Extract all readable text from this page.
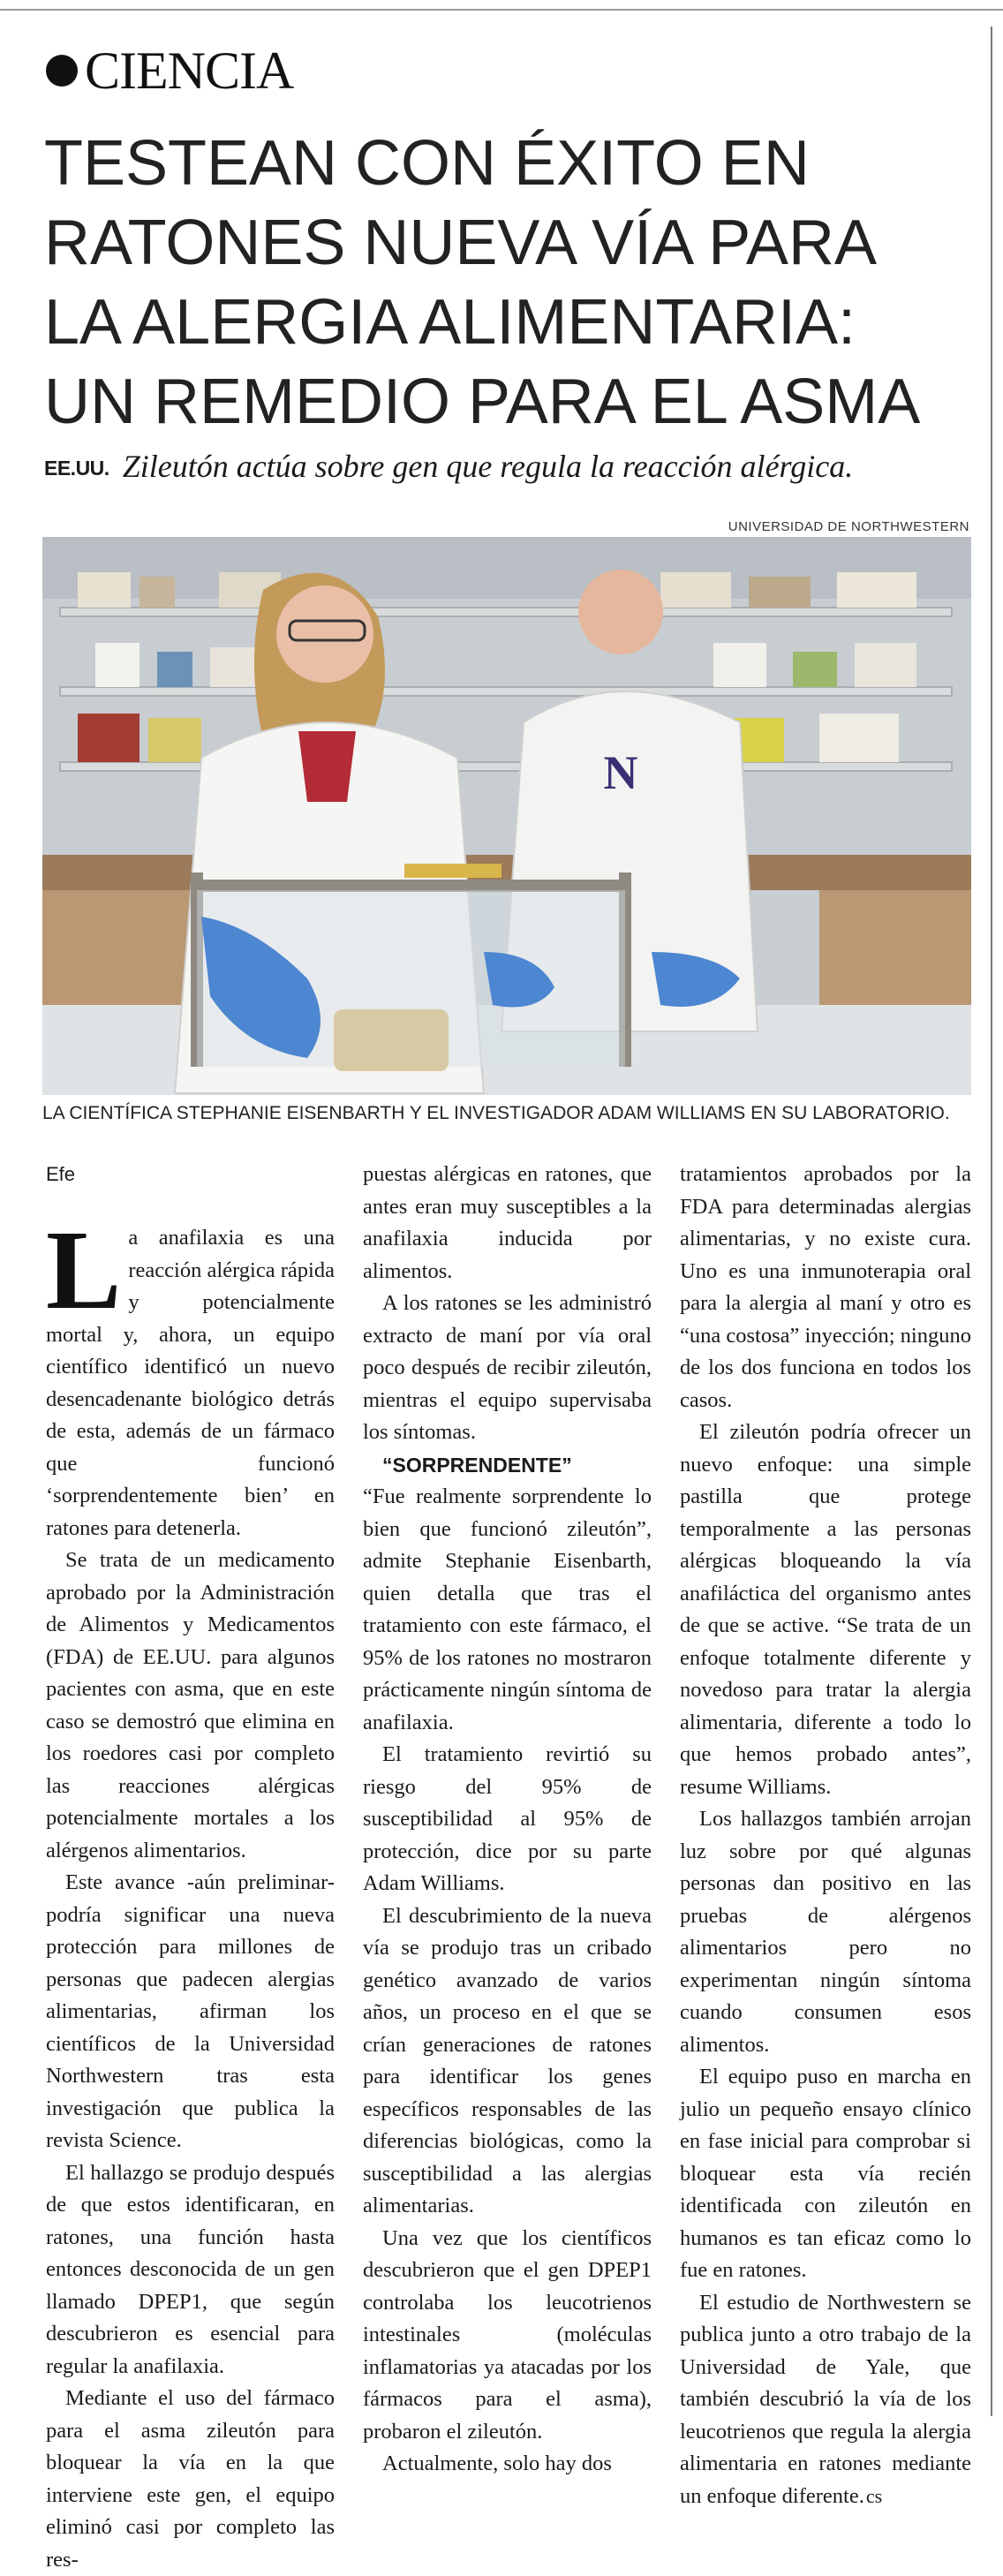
CIENCIA
TESTEAN CON ÉXITO EN
RATONES NUEVA VÍA PARA
LA ALERGIA ALIMENTARIA:
UN REMEDIO PARA EL ASMA
EE.UU. Zileutón actúa sobre gen que regula la reacción alérgica.
UNIVERSIDAD DE NORTHWESTERN
N
LA CIENTÍFICA STEPHANIE EISENBARTH Y EL INVESTIGADOR ADAM WILLIAMS EN SU LABORATORIO.
Efe

La anafilaxia es una reacción alérgica rápida y potencialmente mortal y, ahora, un equipo científico identificó un nuevo desencadenante biológico detrás de esta, además de un fármaco que funcionó ‘sorprendentemente bien’ en ratones para detenerla.

Se trata de un medicamento aprobado por la Administración de Alimentos y Medicamentos (FDA) de EE.UU. para algunos pacientes con asma, que en este caso se demostró que elimina en los roedores casi por completo las reacciones alérgicas potencialmente mortales a los alérgenos alimentarios.

Este avance -aún preliminar- podría significar una nueva protección para millones de personas que padecen alergias alimentarias, afirman los científicos de la Universidad Northwestern tras esta investigación que publica la revista Science.

El hallazgo se produjo después de que estos identificaran, en ratones, una función hasta entonces desconocida de un gen llamado DPEP1, que según descubrieron es esencial para regular la anafilaxia.

Mediante el uso del fármaco para el asma zileutón para bloquear la vía en la que interviene este gen, el equipo eliminó casi por completo las res-

puestas alérgicas en ratones, que antes eran muy susceptibles a la anafilaxia inducida por alimentos.

A los ratones se les administró extracto de maní por vía oral poco después de recibir zileutón, mientras el equipo supervisaba los síntomas.

“SORPRENDENTE”

“Fue realmente sorprendente lo bien que funcionó zileutón”, admite Stephanie Eisenbarth, quien detalla que tras el tratamiento con este fármaco, el 95% de los ratones no mostraron prácticamente ningún síntoma de anafilaxia.

El tratamiento revirtió su riesgo del 95% de susceptibilidad al 95% de protección, dice por su parte Adam Williams.

El descubrimiento de la nueva vía se produjo tras un cribado genético avanzado de varios años, un proceso en el que se crían generaciones de ratones para identificar los genes específicos responsables de las diferencias biológicas, como la susceptibilidad a las alergias alimentarias.

Una vez que los científicos descubrieron que el gen DPEP1 controlaba los leucotrienos intestinales (moléculas inflamatorias ya atacadas por los fármacos para el asma), probaron el zileutón.

Actualmente, solo hay dos

tratamientos aprobados por la FDA para determinadas alergias alimentarias, y no existe cura. Uno es una inmunoterapia oral para la alergia al maní y otro es “una costosa” inyección; ninguno de los dos funciona en todos los casos.

El zileutón podría ofrecer un nuevo enfoque: una simple pastilla que protege temporalmente a las personas alérgicas bloqueando la vía anafiláctica del organismo antes de que se active. “Se trata de un enfoque totalmente diferente y novedoso para tratar la alergia alimentaria, diferente a todo lo que hemos probado antes”, resume Williams.

Los hallazgos también arrojan luz sobre por qué algunas personas dan positivo en las pruebas de alérgenos alimentarios pero no experimentan ningún síntoma cuando consumen esos alimentos.

El equipo puso en marcha en julio un pequeño ensayo clínico en fase inicial para comprobar si bloquear esta vía recién identificada con zileutón en humanos es tan eficaz como lo fue en ratones.

El estudio de Northwestern se publica junto a otro trabajo de la Universidad de Yale, que también descubrió la vía de los leucotrienos que regula la alergia alimentaria en ratones mediante un enfoque diferente.cs
